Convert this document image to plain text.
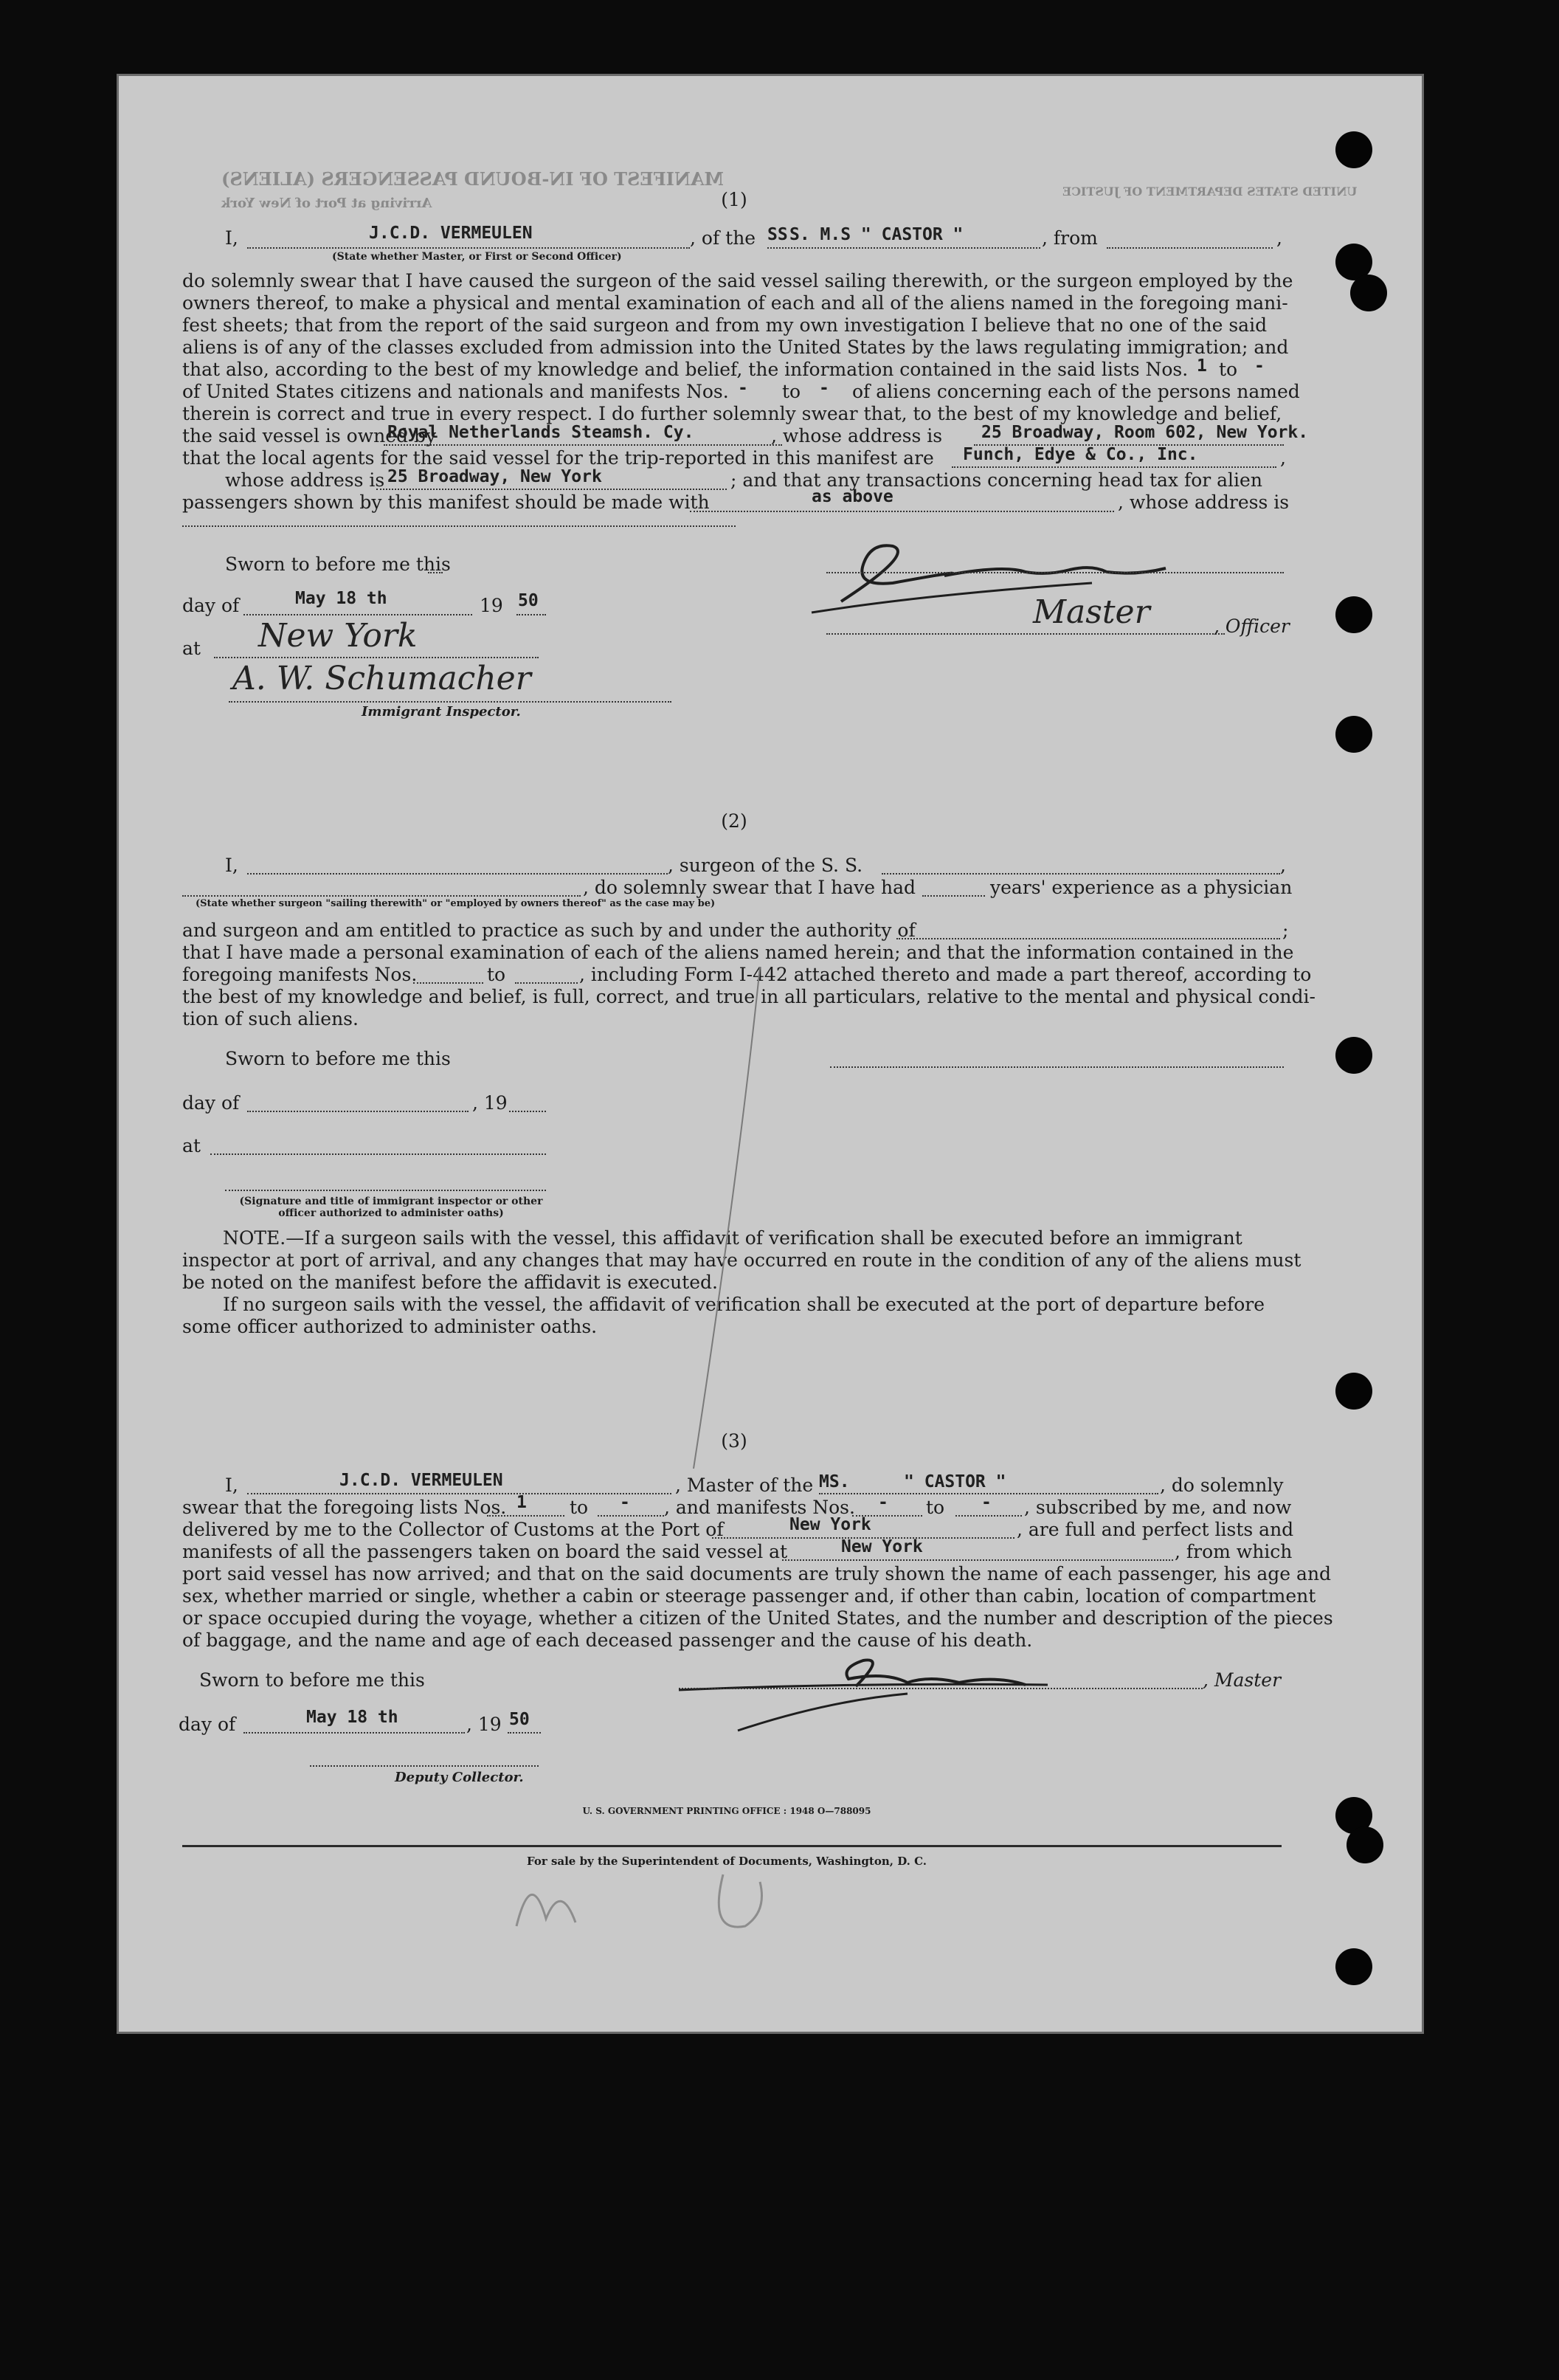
MANIFEST OF IN-BOUND PASSENGERS (ALIENS)
Arriving at Port of New York
UNITED STATES DEPARTMENT OF JUSTICE
(1)
I,	J.C.D. VERMEULEN	, of the SS S. M.S " CASTOR "	, from	,
(State whether Master, or First or Second Officer)
do solemnly swear that I have caused the surgeon of the said vessel sailing therewith, or the surgeon employed by the
owners thereof, to make a physical and mental examination of each and all of the aliens named in the foregoing mani-
fest sheets; that from the report of the said surgeon and from my own investigation I believe that no one of the said
aliens is of any of the classes excluded from admission into the United States by the laws regulating immigration; and
that also, according to the best of my knowledge and belief, the information contained in the said lists Nos. 1 to -
of United States citizens and nationals and manifests Nos. - to - of aliens concerning each of the persons named
therein is correct and true in every respect. I do further solemnly swear that, to the best of my knowledge and belief,
the said vessel is owned by
Royal Netherlands Steamsh. Cy.	, whose address is 25 Broadway, Room 602, New York.
that the local agents for the said vessel for the trip-reported in this manifest are Funch, Edye & Co., Inc.	,
whose address is 25 Broadway, New York	; and that any transactions concerning head tax for alien
passengers shown by this manifest should be made with	as above	, whose address is
Sworn to before me this
day of	May 18 th	19 50	Master	, Officer
at New York
A. W. Schumacher
Immigrant Inspector.
(2)
I,	, surgeon of the S. S.	,
, do solemnly swear that I have had	years' experience as a physician
(State whether surgeon "sailing therewith" or "employed by owners thereof" as the case may be)
and surgeon and am entitled to practice as such by and under the authority of	;
that I have made a personal examination of each of the aliens named herein; and that the information contained in the
foregoing manifests Nos.	to	, including Form I-442 attached thereto and made a part thereof, according to
the best of my knowledge and belief, is full, correct, and true in all particulars, relative to the mental and physical condi-
tion of such aliens.
Sworn to before me this
day of	, 19
at
(Signature and title of immigrant inspector or other officer authorized to administer oaths)
NOTE.—If a surgeon sails with the vessel, this affidavit of verification shall be executed before an immigrant
inspector at port of arrival, and any changes that may have occurred en route in the condition of any of the aliens must
be noted on the manifest before the affidavit is executed.
If no surgeon sails with the vessel, the affidavit of verification shall be executed at the port of departure before
some officer authorized to administer oaths.
(3)
I,	J.C.D. VERMEULEN	, Master of the MS.	" CASTOR "	, do solemnly
swear that the foregoing lists Nos. 1 to - , and manifests Nos. - to - , subscribed by me, and now
delivered by me to the Collector of Customs at the Port of	New York	, are full and perfect lists and
manifests of all the passengers taken on board the said vessel at	New York	, from which
port said vessel has now arrived; and that on the said documents are truly shown the name of each passenger, his age and
sex, whether married or single, whether a cabin or steerage passenger and, if other than cabin, location of compartment
or space occupied during the voyage, whether a citizen of the United States, and the number and description of the pieces
of baggage, and the name and age of each deceased passenger and the cause of his death.
Sworn to before me this	, Master
day of	May 18 th	, 19 50
Deputy Collector.
U. S. GOVERNMENT PRINTING OFFICE : 1948 O—788095
For sale by the Superintendent of Documents, Washington, D. C.
